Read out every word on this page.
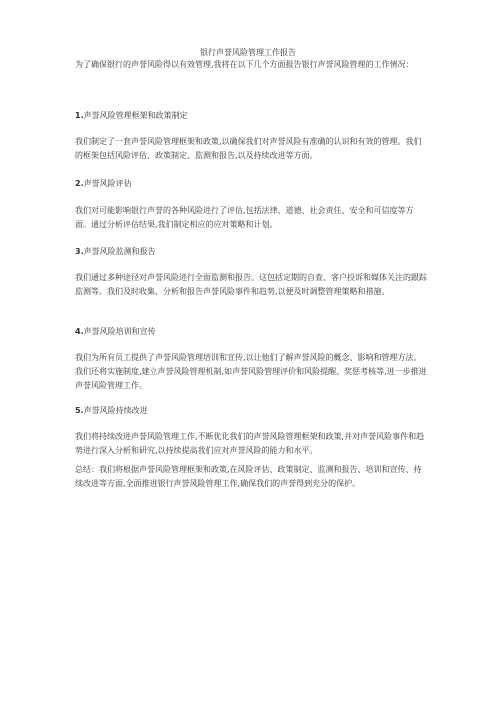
银行声誉风险管理工作报告

为了确保银行的声誉风险得以有效管理,我将在以下几个方面报告银行声誉风险管理的工作情况：

1.声誉风险管理框架和政策制定

我们制定了一套声誉风险管理框架和政策,以确保我们对声誉风险有准确的认识和有效的管理。我们的框架包括风险评估、政策制定、监测和报告,以及持续改进等方面。

2.声誉风险评估

我们对可能影响银行声誉的各种风险进行了评估,包括法律、道德、社会责任、安全和可信度等方面。通过分析评估结果,我们制定相应的应对策略和计划。

3.声誉风险监测和报告

我们通过多种途径对声誉风险进行全面监测和报告。这包括定期的自查、客户投诉和媒体关注的跟踪监测等。我们及时收集、分析和报告声誉风险事件和趋势,以便及时调整管理策略和措施。

4.声誉风险培训和宣传

我们为所有员工提供了声誉风险管理培训和宣传,以让他们了解声誉风险的概念、影响和管理方法。我们还将实施制度,建立声誉风险管理机制,如声誉风险管理评价和风险提醒、奖惩考核等,进一步推进声誉风险管理工作。

5.声誉风险持续改进

我们将持续改进声誉风险管理工作,不断优化我们的声誉风险管理框架和政策,并对声誉风险事件和趋势进行深入分析和研究,以持续提高我们应对声誉风险的能力和水平。

总结：我们将根据声誉风险管理框架和政策,在风险评估、政策制定、监测和报告、培训和宣传、持续改进等方面,全面推进银行声誉风险管理工作,确保我们的声誉得到充分的保护。
